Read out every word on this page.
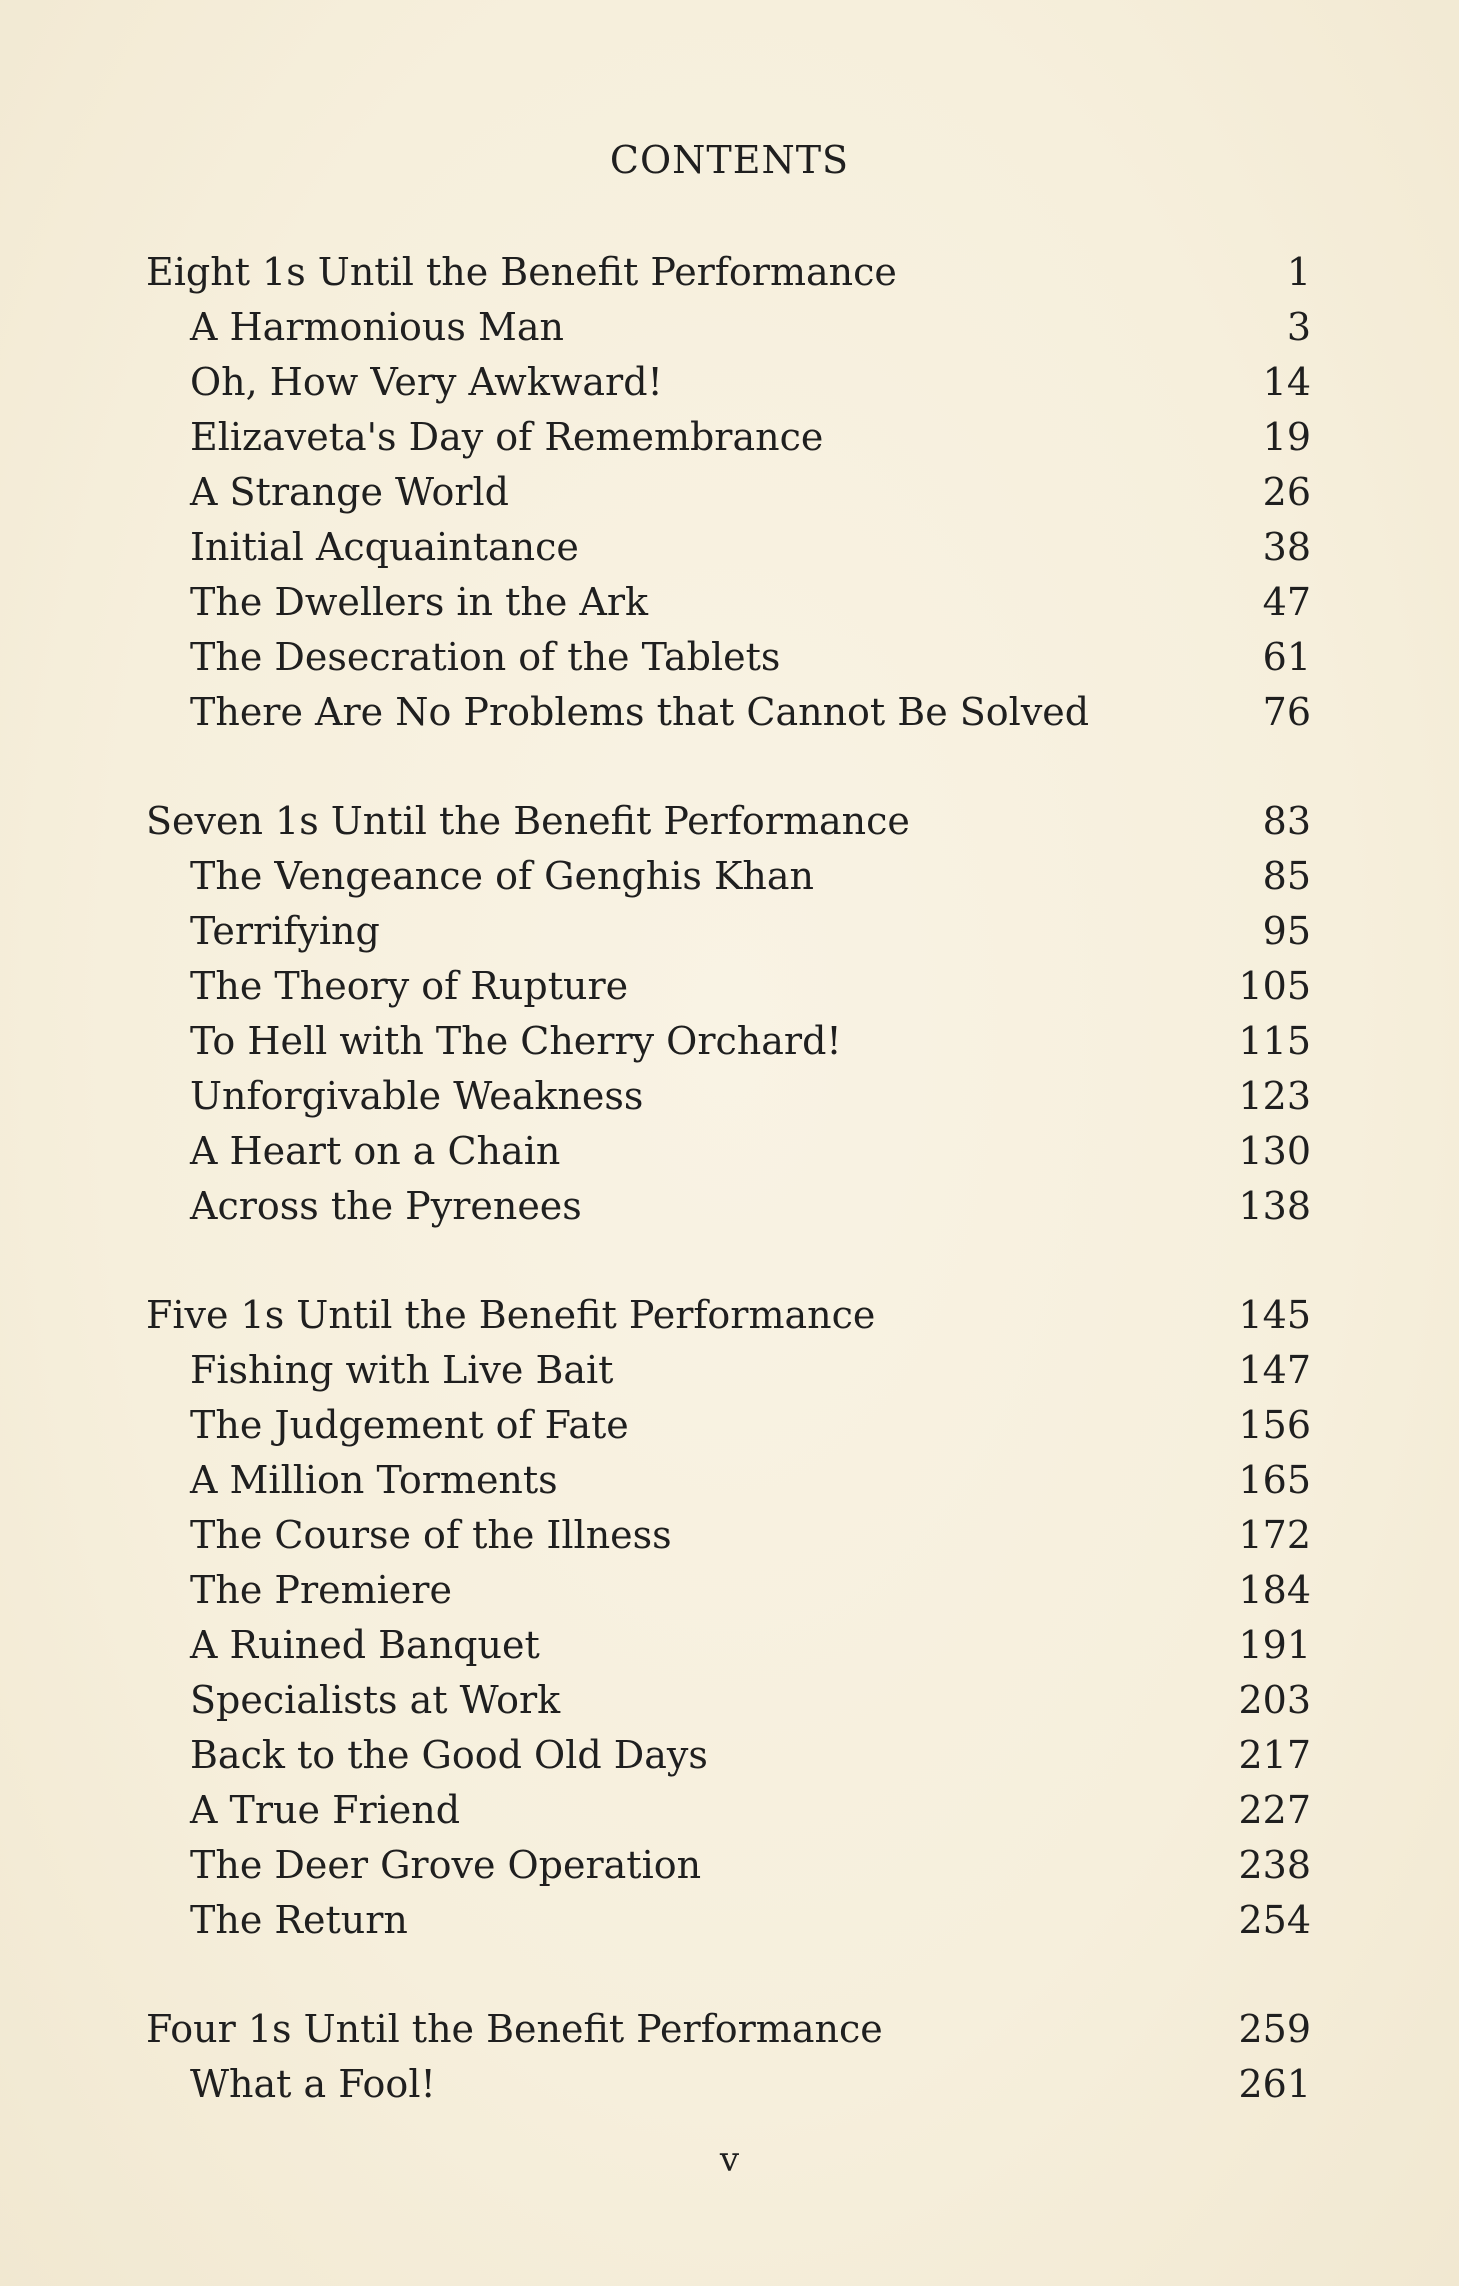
CONTENTS
Eight 1s Until the Benefit Performance	1
A Harmonious Man	3
Oh, How Very Awkward!	14
Elizaveta's Day of Remembrance	19
A Strange World	26
Initial Acquaintance	38
The Dwellers in the Ark	47
The Desecration of the Tablets	61
There Are No Problems that Cannot Be Solved	76
Seven 1s Until the Benefit Performance	83
The Vengeance of Genghis Khan	85
Terrifying	95
The Theory of Rupture	105
To Hell with The Cherry Orchard!	115
Unforgivable Weakness	123
A Heart on a Chain	130
Across the Pyrenees	138
Five 1s Until the Benefit Performance	145
Fishing with Live Bait	147
The Judgement of Fate	156
A Million Torments	165
The Course of the Illness	172
The Premiere	184
A Ruined Banquet	191
Specialists at Work	203
Back to the Good Old Days	217
A True Friend	227
The Deer Grove Operation	238
The Return	254
Four 1s Until the Benefit Performance	259
What a Fool!	261
v
